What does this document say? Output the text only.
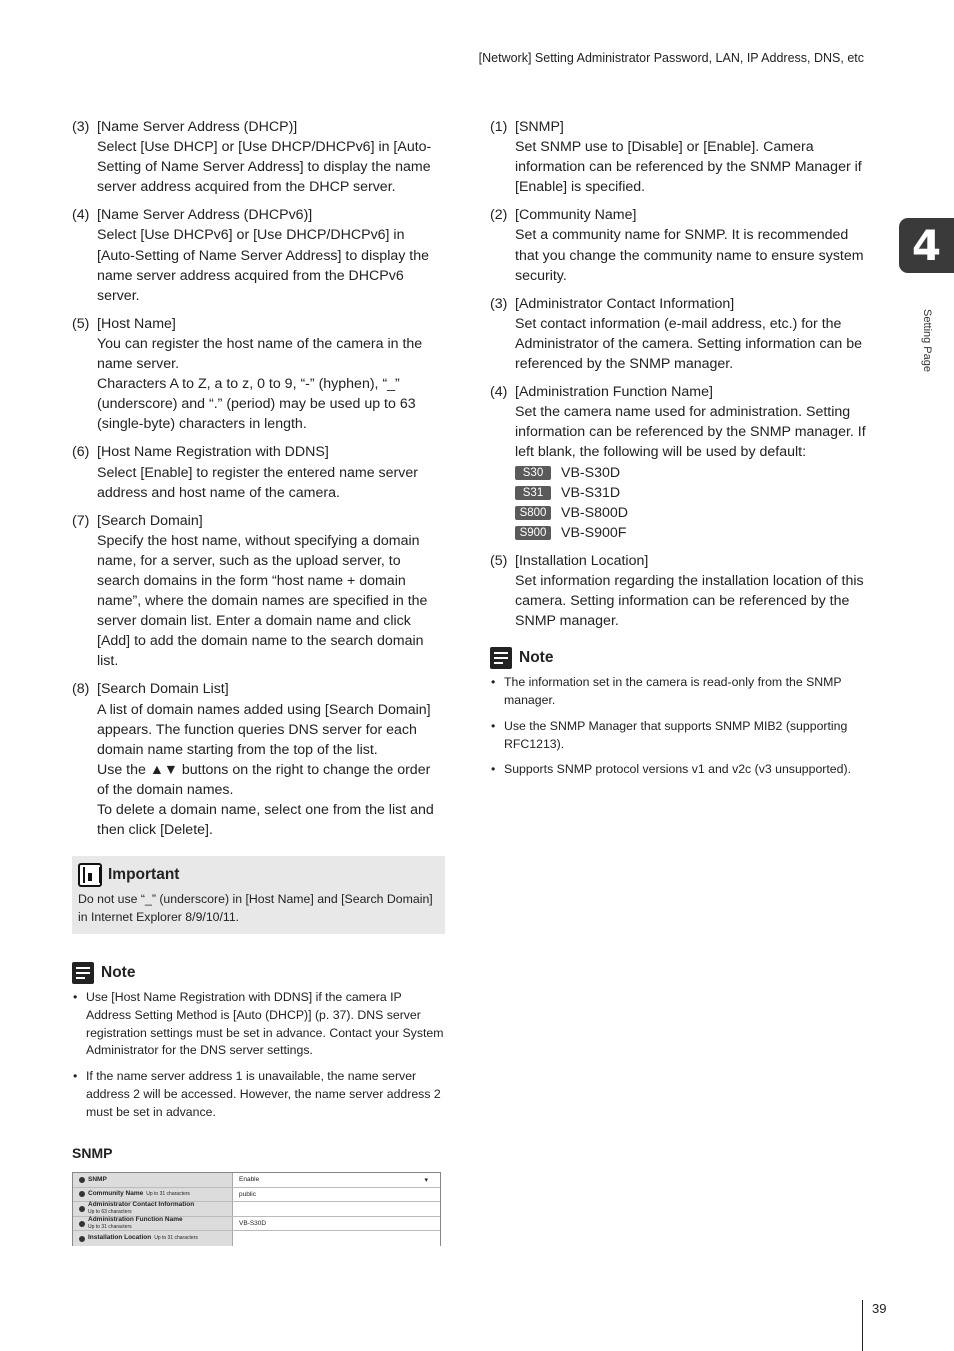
[Network] Setting Administrator Password, LAN, IP Address, DNS, etc
(3) [Name Server Address (DHCP)]

Select [Use DHCP] or [Use DHCP/DHCPv6] in [Auto-Setting of Name Server Address] to display the name server address acquired from the DHCP server.

(4) [Name Server Address (DHCPv6)]

Select [Use DHCPv6] or [Use DHCP/DHCPv6] in [Auto-Setting of Name Server Address] to display the name server address acquired from the DHCPv6 server.

(5) [Host Name]

You can register the host name of the camera in the name server.

Characters A to Z, a to z, 0 to 9, “-” (hyphen), “_” (underscore) and “.” (period) may be used up to 63 (single-byte) characters in length.

(6) [Host Name Registration with DDNS]

Select [Enable] to register the entered name server address and host name of the camera.

(7) [Search Domain]

Specify the host name, without specifying a domain name, for a server, such as the upload server, to search domains in the form “host name + domain name”, where the domain names are specified in the server domain list. Enter a domain name and click [Add] to add the domain name to the search domain list.

(8) [Search Domain List]

A list of domain names added using [Search Domain] appears. The function queries DNS server for each domain name starting from the top of the list.

Use the ▲▼ buttons on the right to change the order of the domain names.

To delete a domain name, select one from the list and then click [Delete].

Important
Do not use “_” (underscore) in [Host Name] and [Search Domain] in Internet Explorer 8/9/10/11.
Note
• Use [Host Name Registration with DDNS] if the camera IP Address Setting Method is [Auto (DHCP)] (p. 37). DNS server registration settings must be set in advance. Contact your System Administrator for the DNS server settings.
• If the name server address 1 is unavailable, the name server address 2 will be accessed. However, the name server address 2 must be set in advance.
SNMP
SNMP	Enable ▾
Community Name Up to 31 characters	public
Administrator Contact Information
Up to 63 characters
Administration Function Name
Up to 31 characters	VB-S30D
Installation Location Up to 31 characters
(1) [SNMP]

Set SNMP use to [Disable] or [Enable]. Camera information can be referenced by the SNMP Manager if [Enable] is specified.

(2) [Community Name]

Set a community name for SNMP. It is recommended that you change the community name to ensure system security.

(3) [Administrator Contact Information]

Set contact information (e-mail address, etc.) for the Administrator of the camera. Setting information can be referenced by the SNMP manager.

(4) [Administration Function Name]

Set the camera name used for administration. Setting information can be referenced by the SNMP manager. If left blank, the following will be used by default:

S30	VB-S30D
S31	VB-S31D
S800	VB-S800D
S900	VB-S900F
(5) [Installation Location]

Set information regarding the installation location of this camera. Setting information can be referenced by the SNMP manager.

Note
• The information set in the camera is read-only from the SNMP manager.
• Use the SNMP Manager that supports SNMP MIB2 (supporting RFC1213).
• Supports SNMP protocol versions v1 and v2c (v3 unsupported).
4
Setting Page
39
